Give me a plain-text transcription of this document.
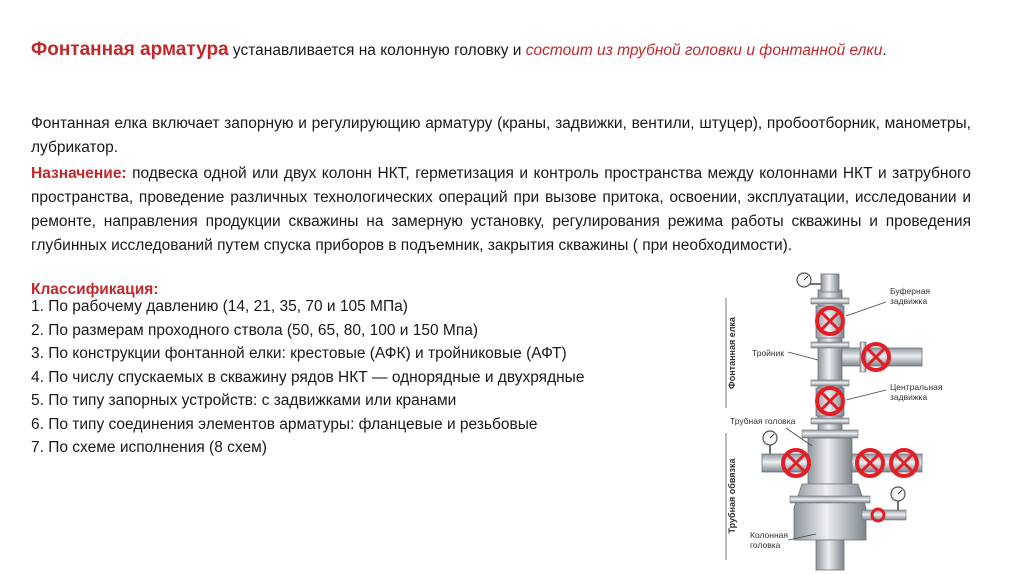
Фонтанная арматура устанавливается на колонную головку и состоит из трубной головки и фонтанной елки.
Фонтанная елка включает запорную и регулирующию арматуру (краны, задвижки, вентили, штуцер), пробоотборник, манометры, лубрикатор.
Назначение: подвеска одной или двух колонн НКТ, герметизация и контроль пространства между колоннами НКТ и затрубного пространства, проведение различных технологических операций при вызове притока, освоении, эксплуатации, исследовании и ремонте, направления продукции скважины на замерную установку, регулирования режима работы скважины и проведения глубинных исследований путем спуска приборов в подъемник, закрытия скважины ( при необходимости).
Классификация:
1. По рабочему давлению (14, 21, 35, 70 и 105 МПа)
2. По размерам проходного ствола (50, 65, 80, 100 и 150 Мпа)
3. По конструкции фонтанной елки: крестовые (АФК) и тройниковые (АФТ)
4. По числу спускаемых в скважину рядов НКТ — однорядные и двухрядные
5. По типу запорных устройств: с задвижками или кранами
6. По типу соединения элементов арматуры: фланцевые и резьбовые
7. По схеме исполнения (8 схем)
Фонтанная елка
Трубная обвязка
Буферная
задвижка
Тройник
Центральная
задвижка
Трубная головка
Колонная
головка
